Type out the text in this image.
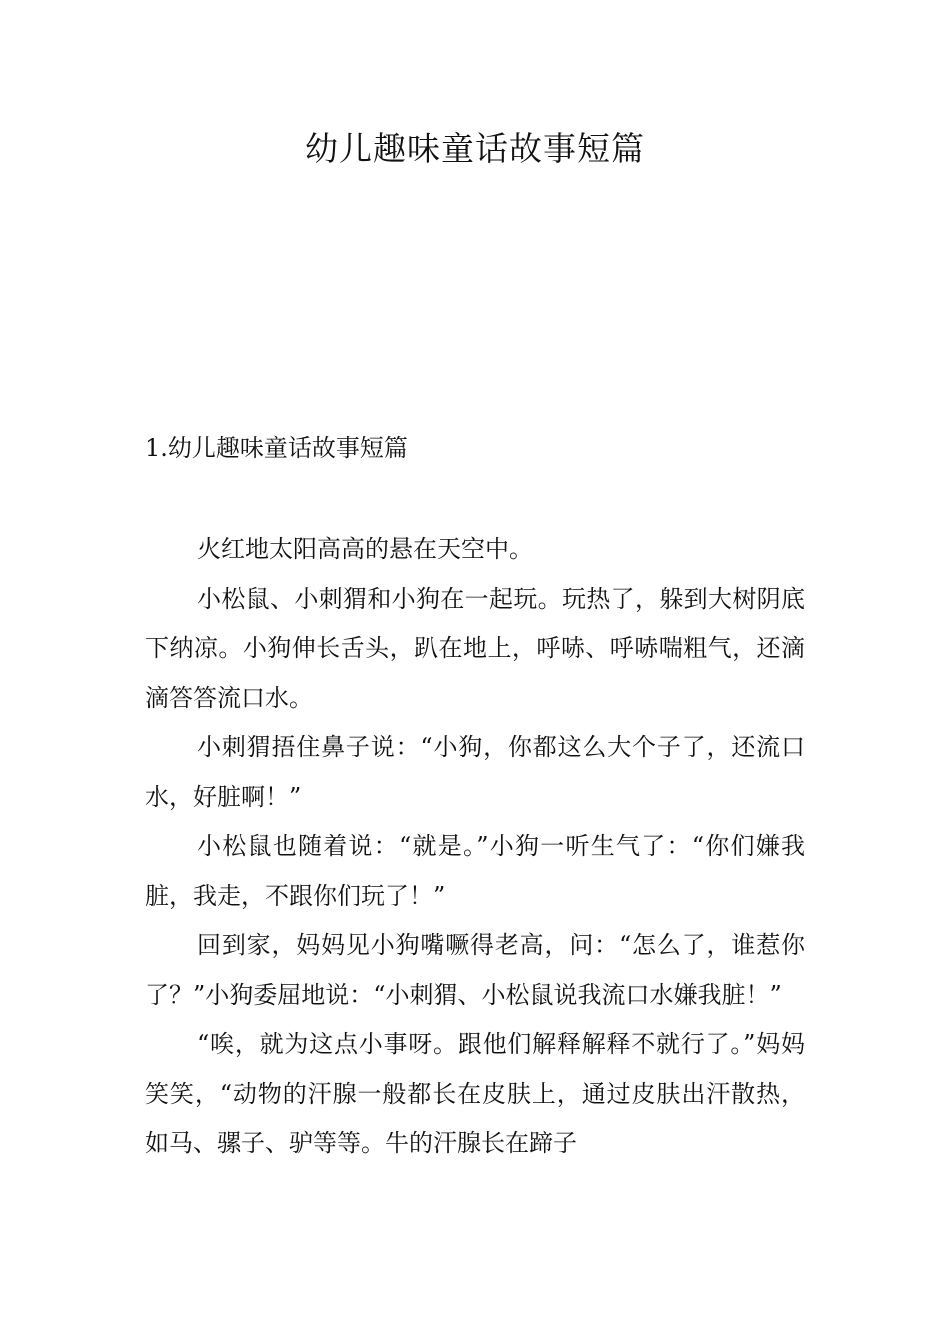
幼儿趣味童话故事短篇
1.幼儿趣味童话故事短篇

火红地太阳高高的悬在天空中。

小松鼠、小刺猬和小狗在一起玩。玩热了，躲到大树阴底下纳凉。小狗伸长舌头，趴在地上，呼哧、呼哧喘粗气，还滴滴答答流口水。

小刺猬捂住鼻子说：“小狗，你都这么大个子了，还流口水，好脏啊！”

小松鼠也随着说：“就是。”小狗一听生气了：“你们嫌我脏，我走，不跟你们玩了！”

回到家，妈妈见小狗嘴噘得老高，问：“怎么了，谁惹你了？”小狗委屈地说：“小刺猬、小松鼠说我流口水嫌我脏！”

“唉，就为这点小事呀。跟他们解释解释不就行了。”妈妈笑笑，“动物的汗腺一般都长在皮肤上，通过皮肤出汗散热，如马、骡子、驴等等。牛的汗腺长在蹄子
